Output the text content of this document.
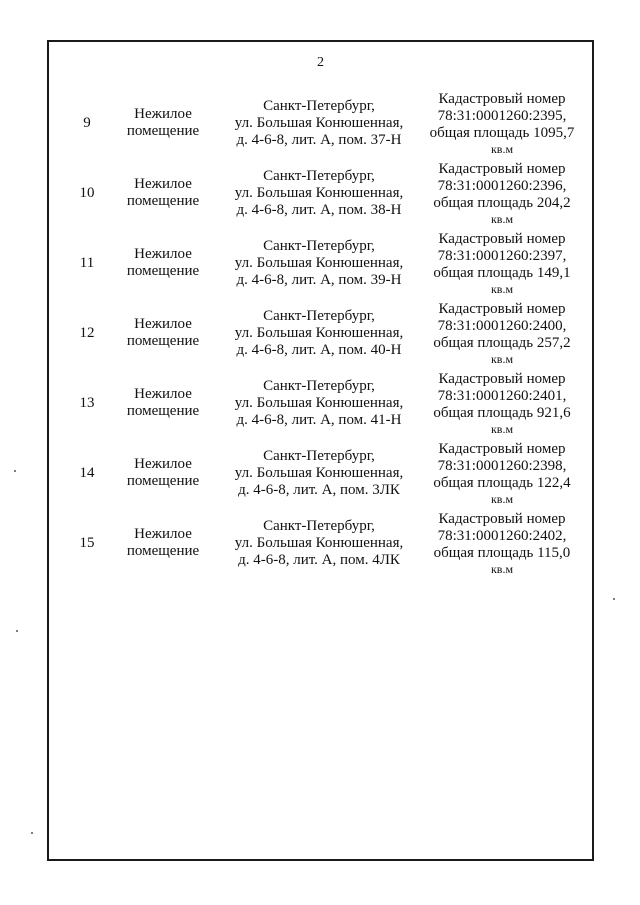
2
9
Нежилое
помещение
Санкт-Петербург,
ул. Большая Конюшенная,
д. 4-6-8, лит. А, пом. 37-Н
Кадастровый номер
78:31:0001260:2395,
общая площадь 1095,7
кв.м
10
Нежилое
помещение
Санкт-Петербург,
ул. Большая Конюшенная,
д. 4-6-8, лит. А, пом. 38-Н
Кадастровый номер
78:31:0001260:2396,
общая площадь 204,2
кв.м
11
Нежилое
помещение
Санкт-Петербург,
ул. Большая Конюшенная,
д. 4-6-8, лит. А, пом. 39-Н
Кадастровый номер
78:31:0001260:2397,
общая площадь 149,1
кв.м
12
Нежилое
помещение
Санкт-Петербург,
ул. Большая Конюшенная,
д. 4-6-8, лит. А, пом. 40-Н
Кадастровый номер
78:31:0001260:2400,
общая площадь 257,2
кв.м
13
Нежилое
помещение
Санкт-Петербург,
ул. Большая Конюшенная,
д. 4-6-8, лит. А, пом. 41-Н
Кадастровый номер
78:31:0001260:2401,
общая площадь 921,6
кв.м
14
Нежилое
помещение
Санкт-Петербург,
ул. Большая Конюшенная,
д. 4-6-8, лит. А, пом. 3ЛК
Кадастровый номер
78:31:0001260:2398,
общая площадь 122,4
кв.м
15
Нежилое
помещение
Санкт-Петербург,
ул. Большая Конюшенная,
д. 4-6-8, лит. А, пом. 4ЛК
Кадастровый номер
78:31:0001260:2402,
общая площадь 115,0
кв.м
